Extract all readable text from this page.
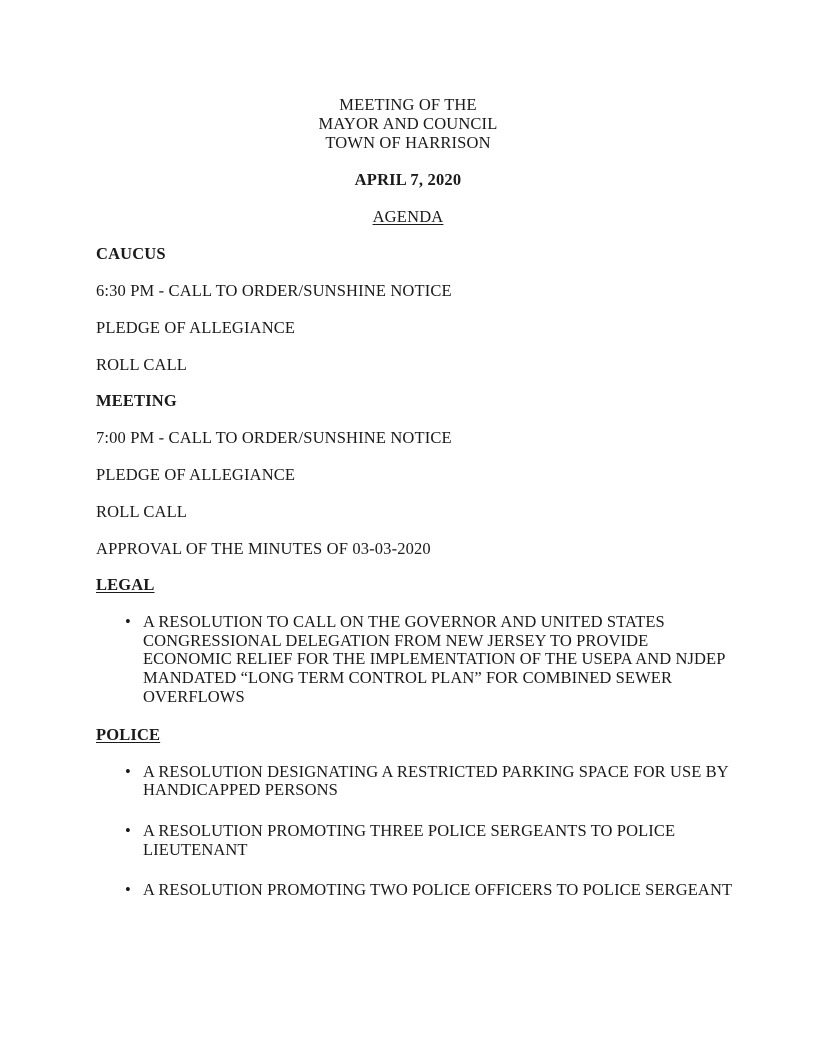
MEETING OF THE
MAYOR AND COUNCIL
TOWN OF HARRISON
APRIL 7, 2020
AGENDA
CAUCUS
6:30 PM - CALL TO ORDER/SUNSHINE NOTICE
PLEDGE OF ALLEGIANCE
ROLL CALL
MEETING
7:00 PM - CALL TO ORDER/SUNSHINE NOTICE
PLEDGE OF ALLEGIANCE
ROLL CALL
APPROVAL OF THE MINUTES OF 03-03-2020
LEGAL
• A RESOLUTION TO CALL ON THE GOVERNOR AND UNITED STATES CONGRESSIONAL DELEGATION FROM NEW JERSEY TO PROVIDE ECONOMIC RELIEF FOR THE IMPLEMENTATION OF THE USEPA AND NJDEP MANDATED “LONG TERM CONTROL PLAN” FOR COMBINED SEWER OVERFLOWS
POLICE
• A RESOLUTION DESIGNATING A RESTRICTED PARKING SPACE FOR USE BY HANDICAPPED PERSONS
• A RESOLUTION PROMOTING THREE POLICE SERGEANTS TO POLICE LIEUTENANT
• A RESOLUTION PROMOTING TWO POLICE OFFICERS TO POLICE SERGEANT
